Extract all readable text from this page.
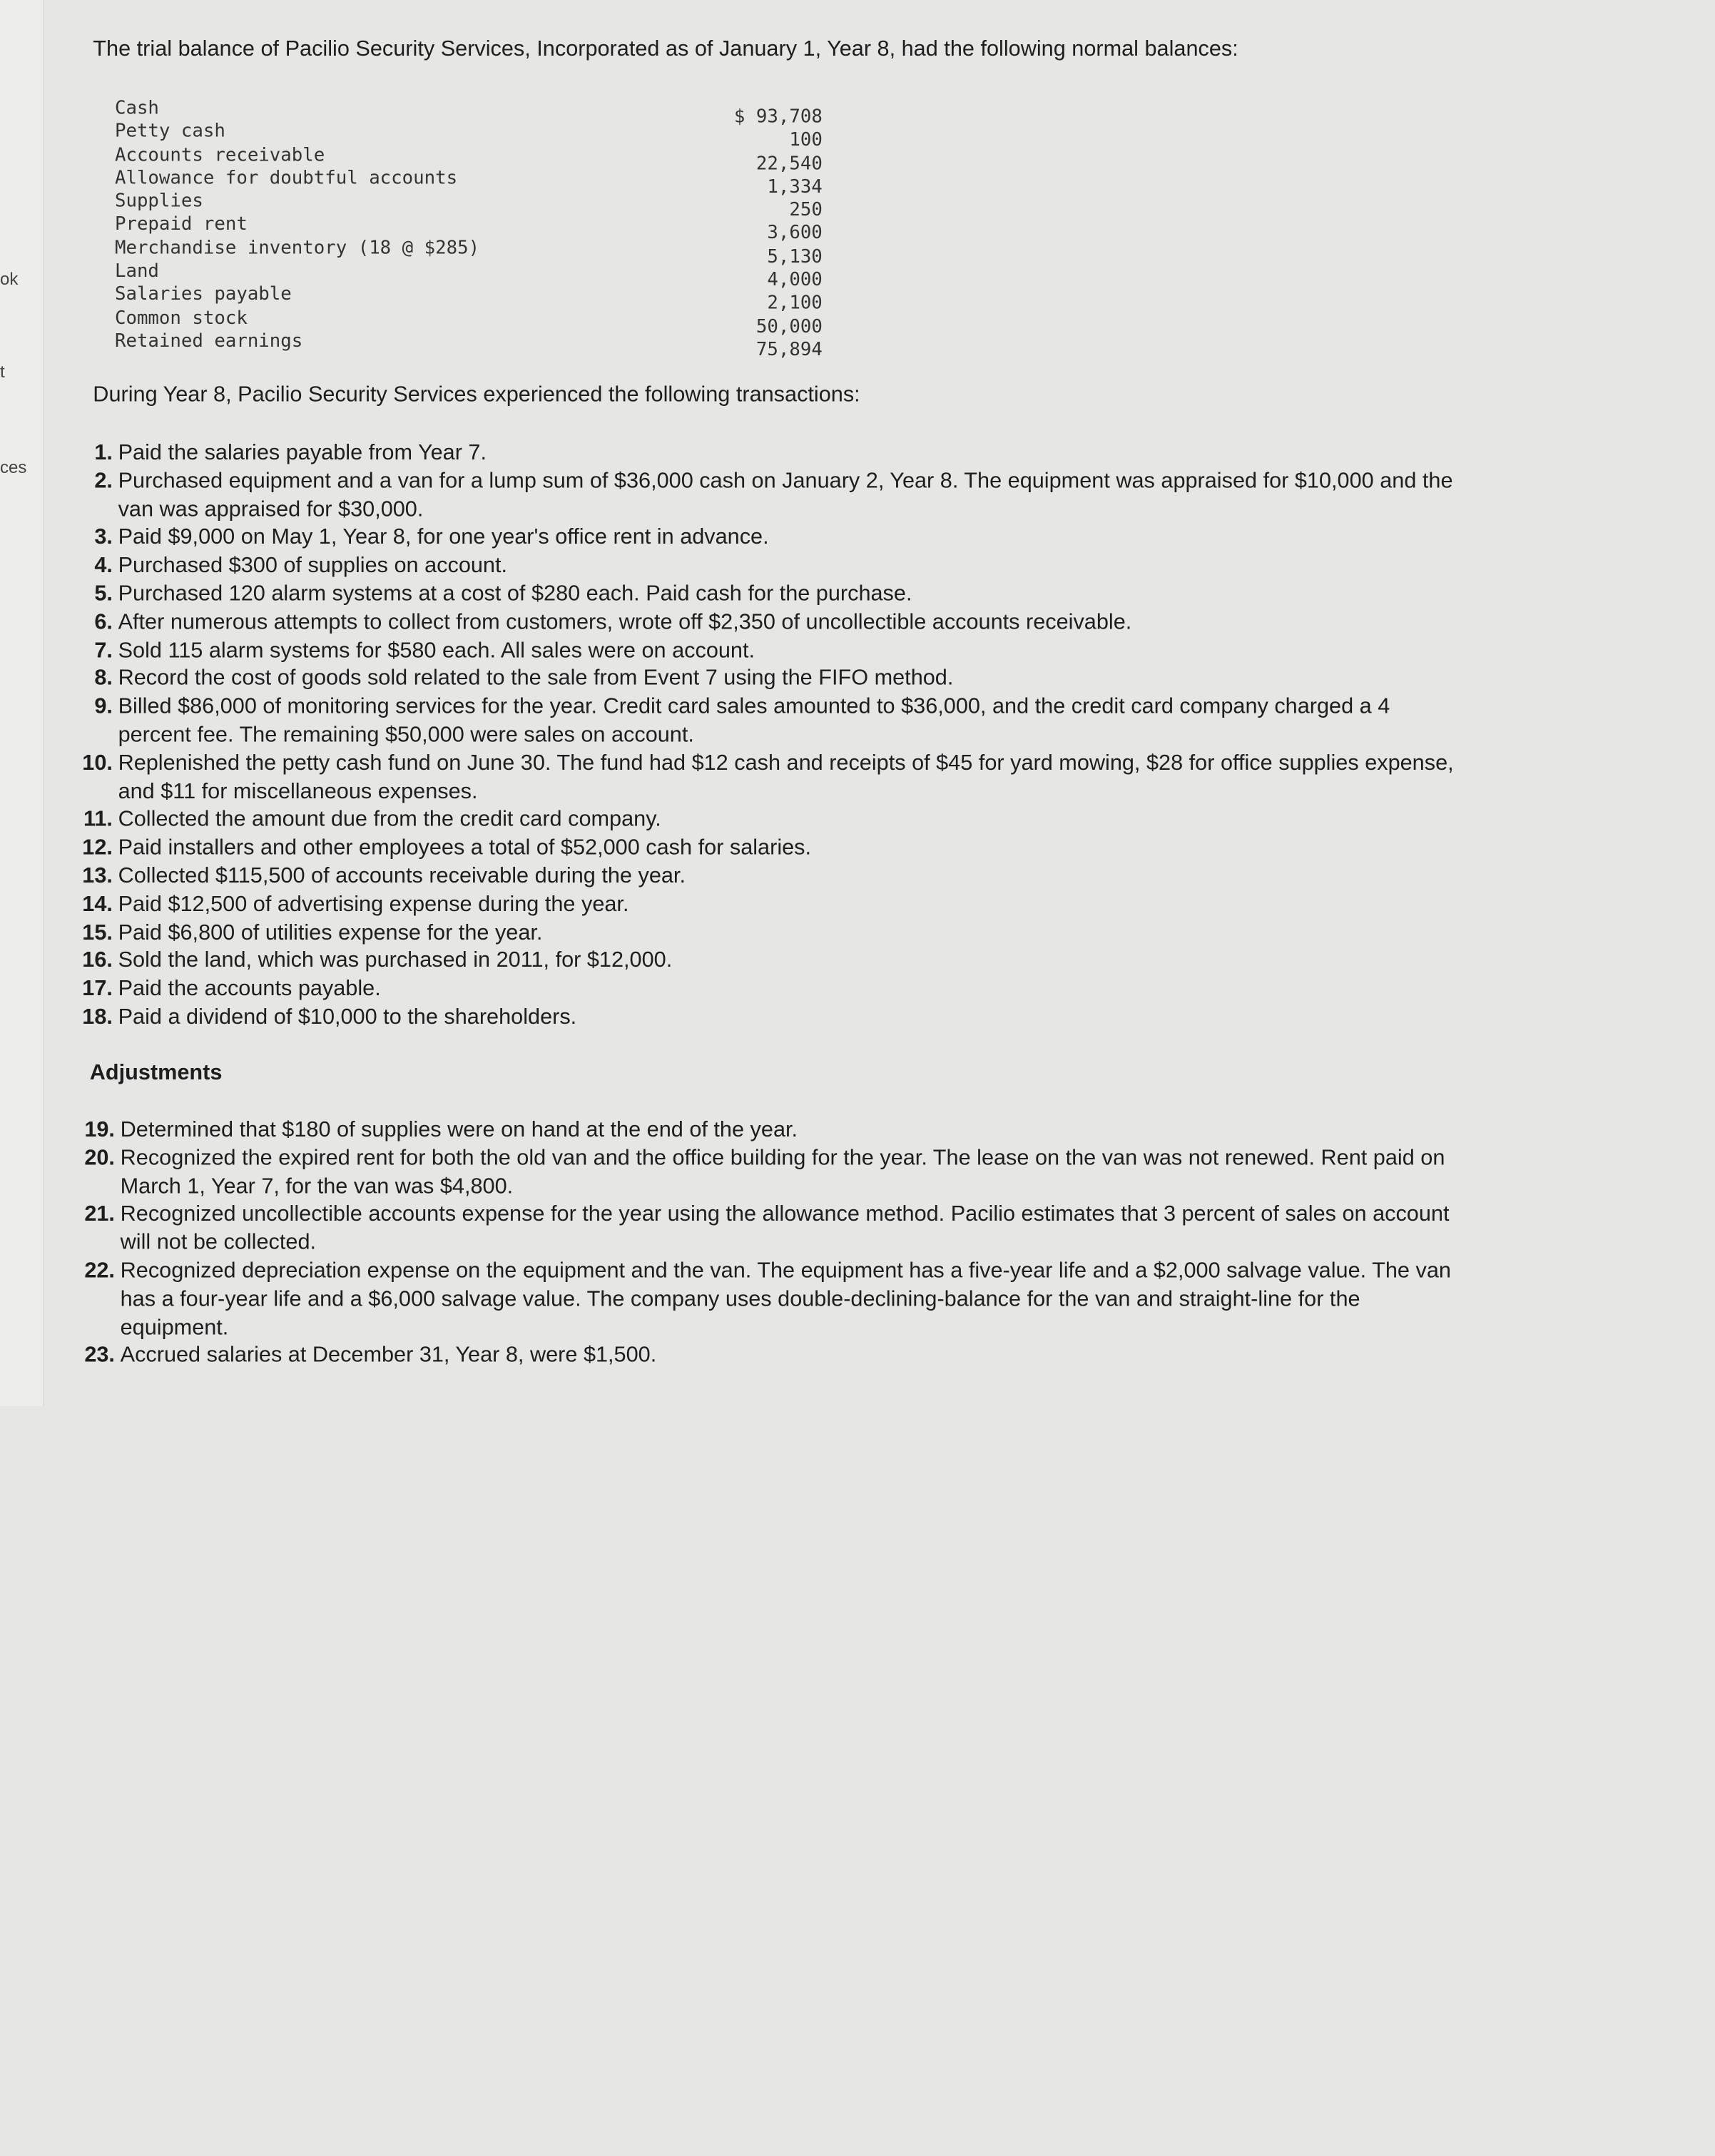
ok
t
ces

The trial balance of Pacilio Security Services, Incorporated as of January 1, Year 8, had the following normal balances:

Cash	$ 93,708
Petty cash	100
Accounts receivable	22,540
Allowance for doubtful accounts	1,334
Supplies	250
Prepaid rent	3,600
Merchandise inventory (18 @ $285)	5,130
Land	4,000
Salaries payable	2,100
Common stock	50,000
Retained earnings	75,894

During Year 8, Pacilio Security Services experienced the following transactions:

1. Paid the salaries payable from Year 7.
2. Purchased equipment and a van for a lump sum of $36,000 cash on January 2, Year 8. The equipment was appraised for $10,000 and the van was appraised for $30,000.
3. Paid $9,000 on May 1, Year 8, for one year's office rent in advance.
4. Purchased $300 of supplies on account.
5. Purchased 120 alarm systems at a cost of $280 each. Paid cash for the purchase.
6. After numerous attempts to collect from customers, wrote off $2,350 of uncollectible accounts receivable.
7. Sold 115 alarm systems for $580 each. All sales were on account.
8. Record the cost of goods sold related to the sale from Event 7 using the FIFO method.
9. Billed $86,000 of monitoring services for the year. Credit card sales amounted to $36,000, and the credit card company charged a 4 percent fee. The remaining $50,000 were sales on account.
10. Replenished the petty cash fund on June 30. The fund had $12 cash and receipts of $45 for yard mowing, $28 for office supplies expense, and $11 for miscellaneous expenses.
11. Collected the amount due from the credit card company.
12. Paid installers and other employees a total of $52,000 cash for salaries.
13. Collected $115,500 of accounts receivable during the year.
14. Paid $12,500 of advertising expense during the year.
15. Paid $6,800 of utilities expense for the year.
16. Sold the land, which was purchased in 2011, for $12,000.
17. Paid the accounts payable.
18. Paid a dividend of $10,000 to the shareholders.
Adjustments
19. Determined that $180 of supplies were on hand at the end of the year.
20. Recognized the expired rent for both the old van and the office building for the year. The lease on the van was not renewed. Rent paid on March 1, Year 7, for the van was $4,800.
21. Recognized uncollectible accounts expense for the year using the allowance method. Pacilio estimates that 3 percent of sales on account will not be collected.
22. Recognized depreciation expense on the equipment and the van. The equipment has a five-year life and a $2,000 salvage value. The van has a four-year life and a $6,000 salvage value. The company uses double-declining-balance for the van and straight-line for the equipment.
23. Accrued salaries at December 31, Year 8, were $1,500.
